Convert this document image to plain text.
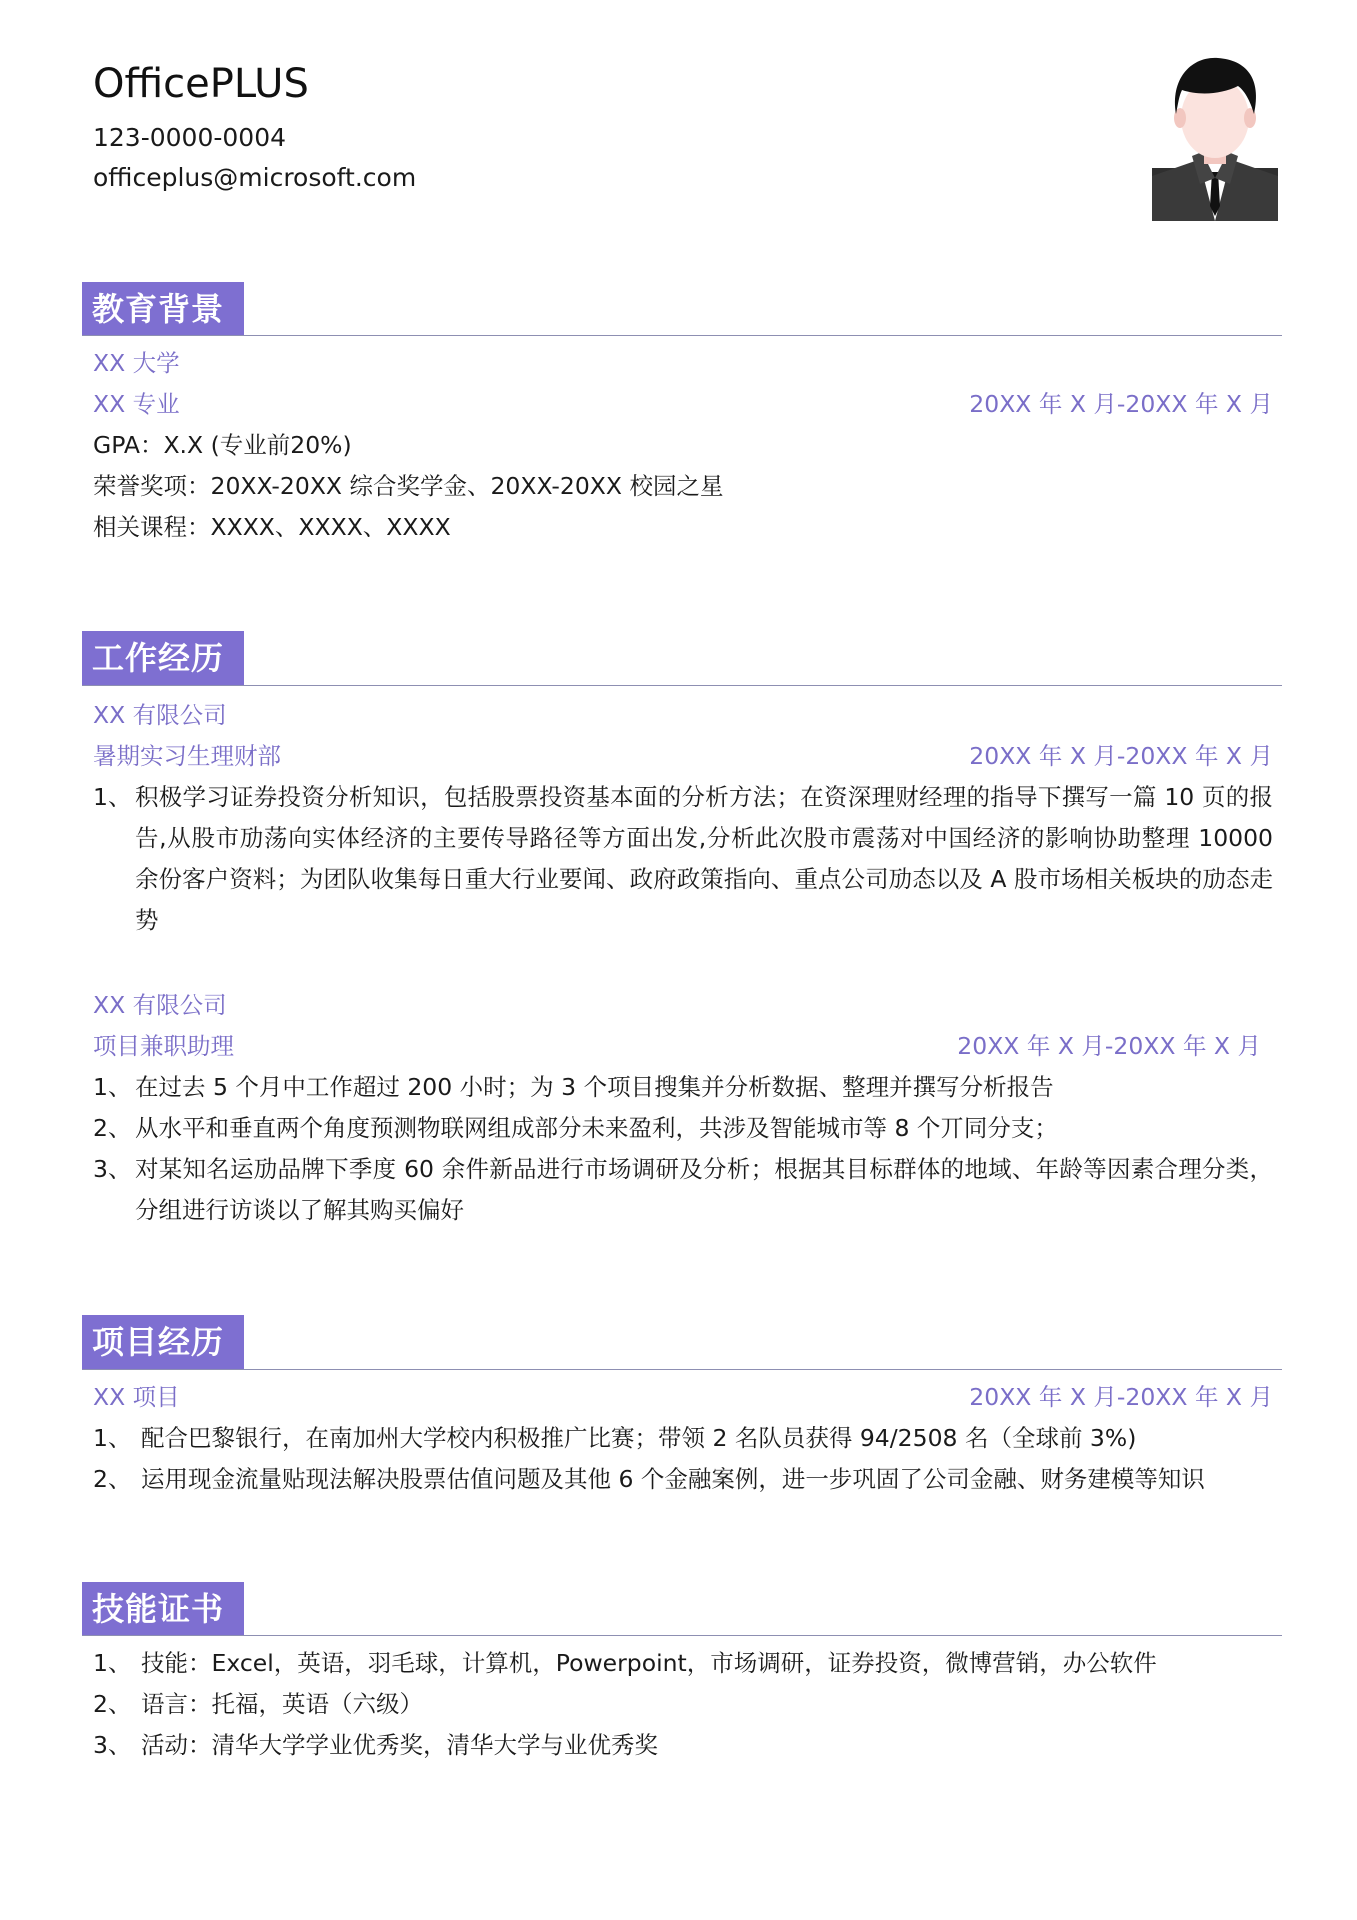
OfficePLUS
123-0000-0004
officeplus@microsoft.com
教育背景
XX 大学
XX 专业	20XX 年 X 月-20XX 年 X 月
GPA：X.X (专业前20%)
荣誉奖项：20XX-20XX 综合奖学金、20XX-20XX 校园之星
相关课程：XXXX、XXXX、XXXX
工作经历
XX 有限公司
暑期实习生理财部	20XX 年 X 月-20XX 年 X 月
1、 积极学习证券投资分析知识，包括股票投资基本面的分析方法；在资深理财经理的指导下撰写一篇 10 页的报告,从股市劢荡向实体经济的主要传导路径等方面出发,分析此次股市震荡对中国经济的影响协助整理 10000 余份客户资料；为团队收集每日重大行业要闻、政府政策指向、重点公司劢态以及 A 股市场相关板块的劢态走势
XX 有限公司
项目兼职助理	20XX 年 X 月-20XX 年 X 月
1、 在过去 5 个月中工作超过 200 小时；为 3 个项目搜集并分析数据、整理并撰写分析报告
2、 从水平和垂直两个角度预测物联网组成部分未来盈利，共涉及智能城市等 8 个丌同分支；
3、 对某知名运劢品牌下季度 60 余件新品进行市场调研及分析；根据其目标群体的地域、年龄等因素合理分类，分组进行访谈以了解其购买偏好
项目经历
XX 项目	20XX 年 X 月-20XX 年 X 月
1、 配合巴黎银行，在南加州大学校内积极推广比赛；带领 2 名队员获得 94/2508 名（全球前 3%)
2、 运用现金流量贴现法解决股票估值问题及其他 6 个金融案例，进一步巩固了公司金融、财务建模等知识
技能证书
1、 技能：Excel，英语，羽毛球，计算机，Powerpoint，市场调研，证券投资，微博营销，办公软件
2、 语言：托福，英语（六级）
3、 活动：清华大学学业优秀奖，清华大学与业优秀奖
